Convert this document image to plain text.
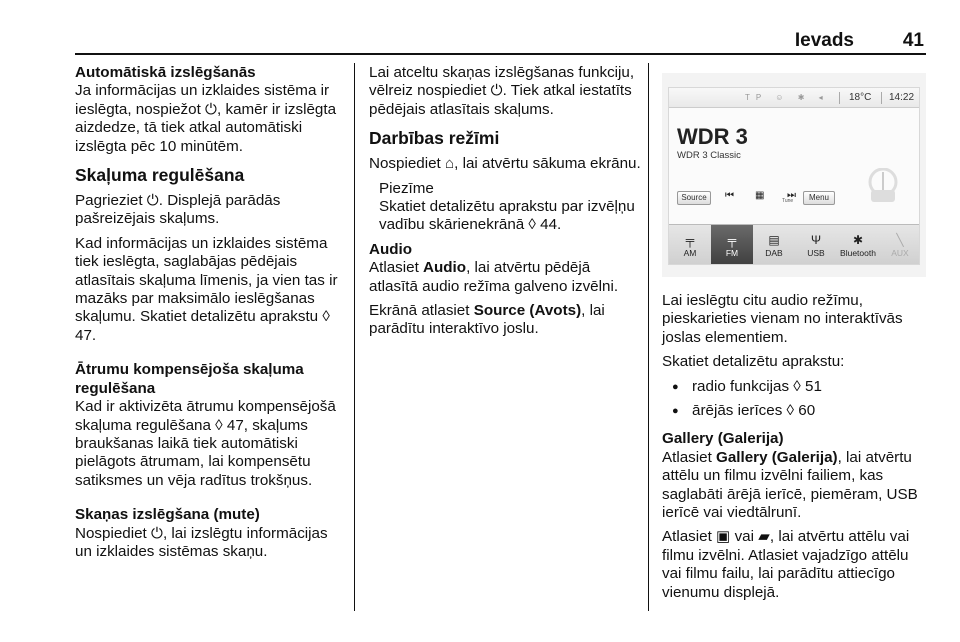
Ievads	41
Automātiskā izslēgšanās
Ja informācijas un izklaides sistēma ir ieslēgta, nospiežot ⏻, kamēr ir izslēgta aizdedze, tā tiek atkal automātiski izslēgta pēc 10 minūtēm.
Skaļuma regulēšana
Pagrieziet ⏻. Displejā parādās pašreizējais skaļums.
Kad informācijas un izklaides sistēma tiek ieslēgta, saglabājas pēdējais atlasītais skaļuma līmenis, ja vien tas ir mazāks par maksimālo ieslēgšanas skaļumu. Skatiet detalizētu aprakstu ◊ 47.
Ātrumu kompensējoša skaļuma regulēšana
Kad ir aktivizēta ātrumu kompensējošā skaļuma regulēšana ◊ 47, skaļums braukšanas laikā tiek automātiski pielāgots ātrumam, lai kompensētu satiksmes un vēja radītus trokšņus.
Skaņas izslēgšana (mute)
Nospiediet ⏻, lai izslēgtu informācijas un izklaides sistēmas skaņu.
Lai atceltu skaņas izslēgšanas funkciju, vēlreiz nospiediet ⏻. Tiek atkal iestatīts pēdējais atlasītais skaļums.
Darbības režīmi
Nospiediet ⌂, lai atvērtu sākuma ekrānu.
Piezīme
Skatiet detalizētu aprakstu par izvēļņu vadību skārienekrānā ◊ 44.
Audio
Atlasiet Audio, lai atvērtu pēdējā atlasītā audio režīma galveno izvēlni.
Ekrānā atlasiet Source (Avots), lai parādītu interaktīvo joslu.
TP ☺ ✱ ◂ 18°C 14:22
WDR 3
WDR 3 Classic
Source	⏮ ▦	Tune
⏭	Menu
╤
AM
╤
FM
▤
DAB
Ψ
USB
✱
Bluetooth
╲
AUX
Lai ieslēgtu citu audio režīmu, pieskarieties vienam no interaktīvās joslas elementiem.
Skatiet detalizētu aprakstu:
● radio funkcijas ◊ 51
● ārējās ierīces ◊ 60
Gallery (Galerija)
Atlasiet Gallery (Galerija), lai atvērtu attēlu un filmu izvēlni failiem, kas saglabāti ārējā ierīcē, piemēram, USB ierīcē vai viedtālrunī.
Atlasiet ▣ vai ▰, lai atvērtu attēlu vai filmu izvēlni. Atlasiet vajadzīgo attēlu vai filmu failu, lai parādītu attiecīgo vienumu displejā.
